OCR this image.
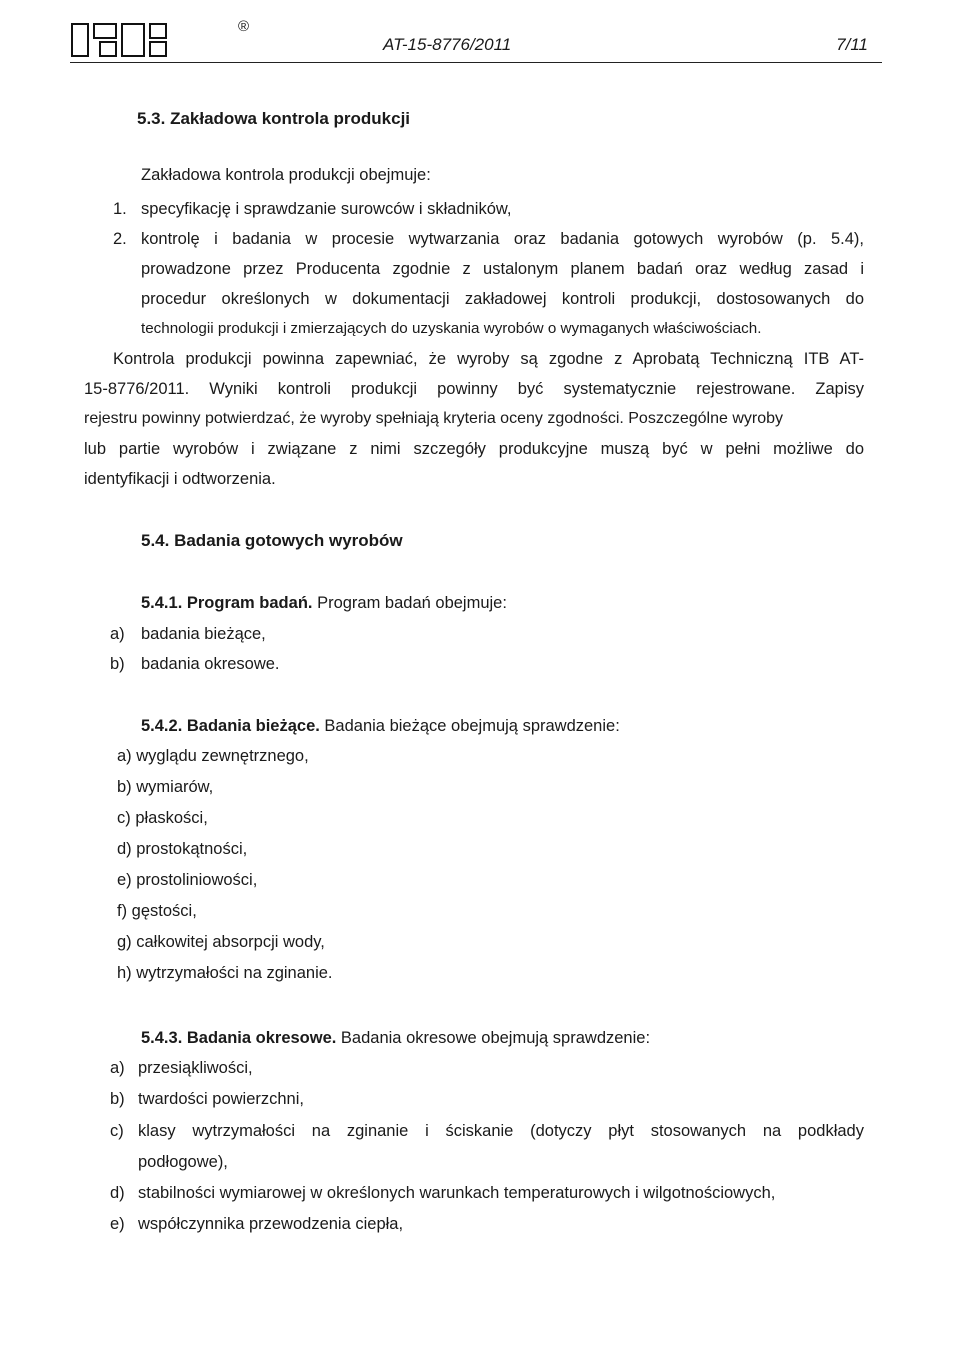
®
AT-15-8776/2011	7/11
5.3. Zakładowa kontrola produkcji
Zakładowa kontrola produkcji obejmuje:
1. specyfikację i sprawdzanie surowców i składników,
2. kontrolę i badania w procesie wytwarzania oraz badania gotowych wyrobów (p. 5.4),
prowadzone przez Producenta zgodnie z ustalonym planem badań oraz według zasad i
procedur określonych w dokumentacji zakładowej kontroli produkcji, dostosowanych do
technologii produkcji i zmierzających do uzyskania wyrobów o wymaganych właściwościach.
Kontrola produkcji powinna zapewniać, że wyroby są zgodne z Aprobatą Techniczną ITB AT-
15-8776/2011. Wyniki kontroli produkcji powinny być systematycznie rejestrowane. Zapisy
rejestru powinny potwierdzać, że wyroby spełniają kryteria oceny zgodności. Poszczególne wyroby
lub partie wyrobów i związane z nimi szczegóły produkcyjne muszą być w pełni możliwe do
identyfikacji i odtworzenia.
5.4. Badania gotowych wyrobów
5.4.1. Program badań. Program badań obejmuje:
a) badania bieżące,
b) badania okresowe.
5.4.2. Badania bieżące. Badania bieżące obejmują sprawdzenie:
a) wyglądu zewnętrznego,
b) wymiarów,
c) płaskości,
d) prostokątności,
e) prostoliniowości,
f) gęstości,
g) całkowitej absorpcji wody,
h) wytrzymałości na zginanie.
5.4.3. Badania okresowe. Badania okresowe obejmują sprawdzenie:
a) przesiąkliwości,
b) twardości powierzchni,
c) klasy wytrzymałości na zginanie i ściskanie (dotyczy płyt stosowanych na podkłady
podłogowe),
d) stabilności wymiarowej w określonych warunkach temperaturowych i wilgotnościowych,
e) współczynnika przewodzenia ciepła,
